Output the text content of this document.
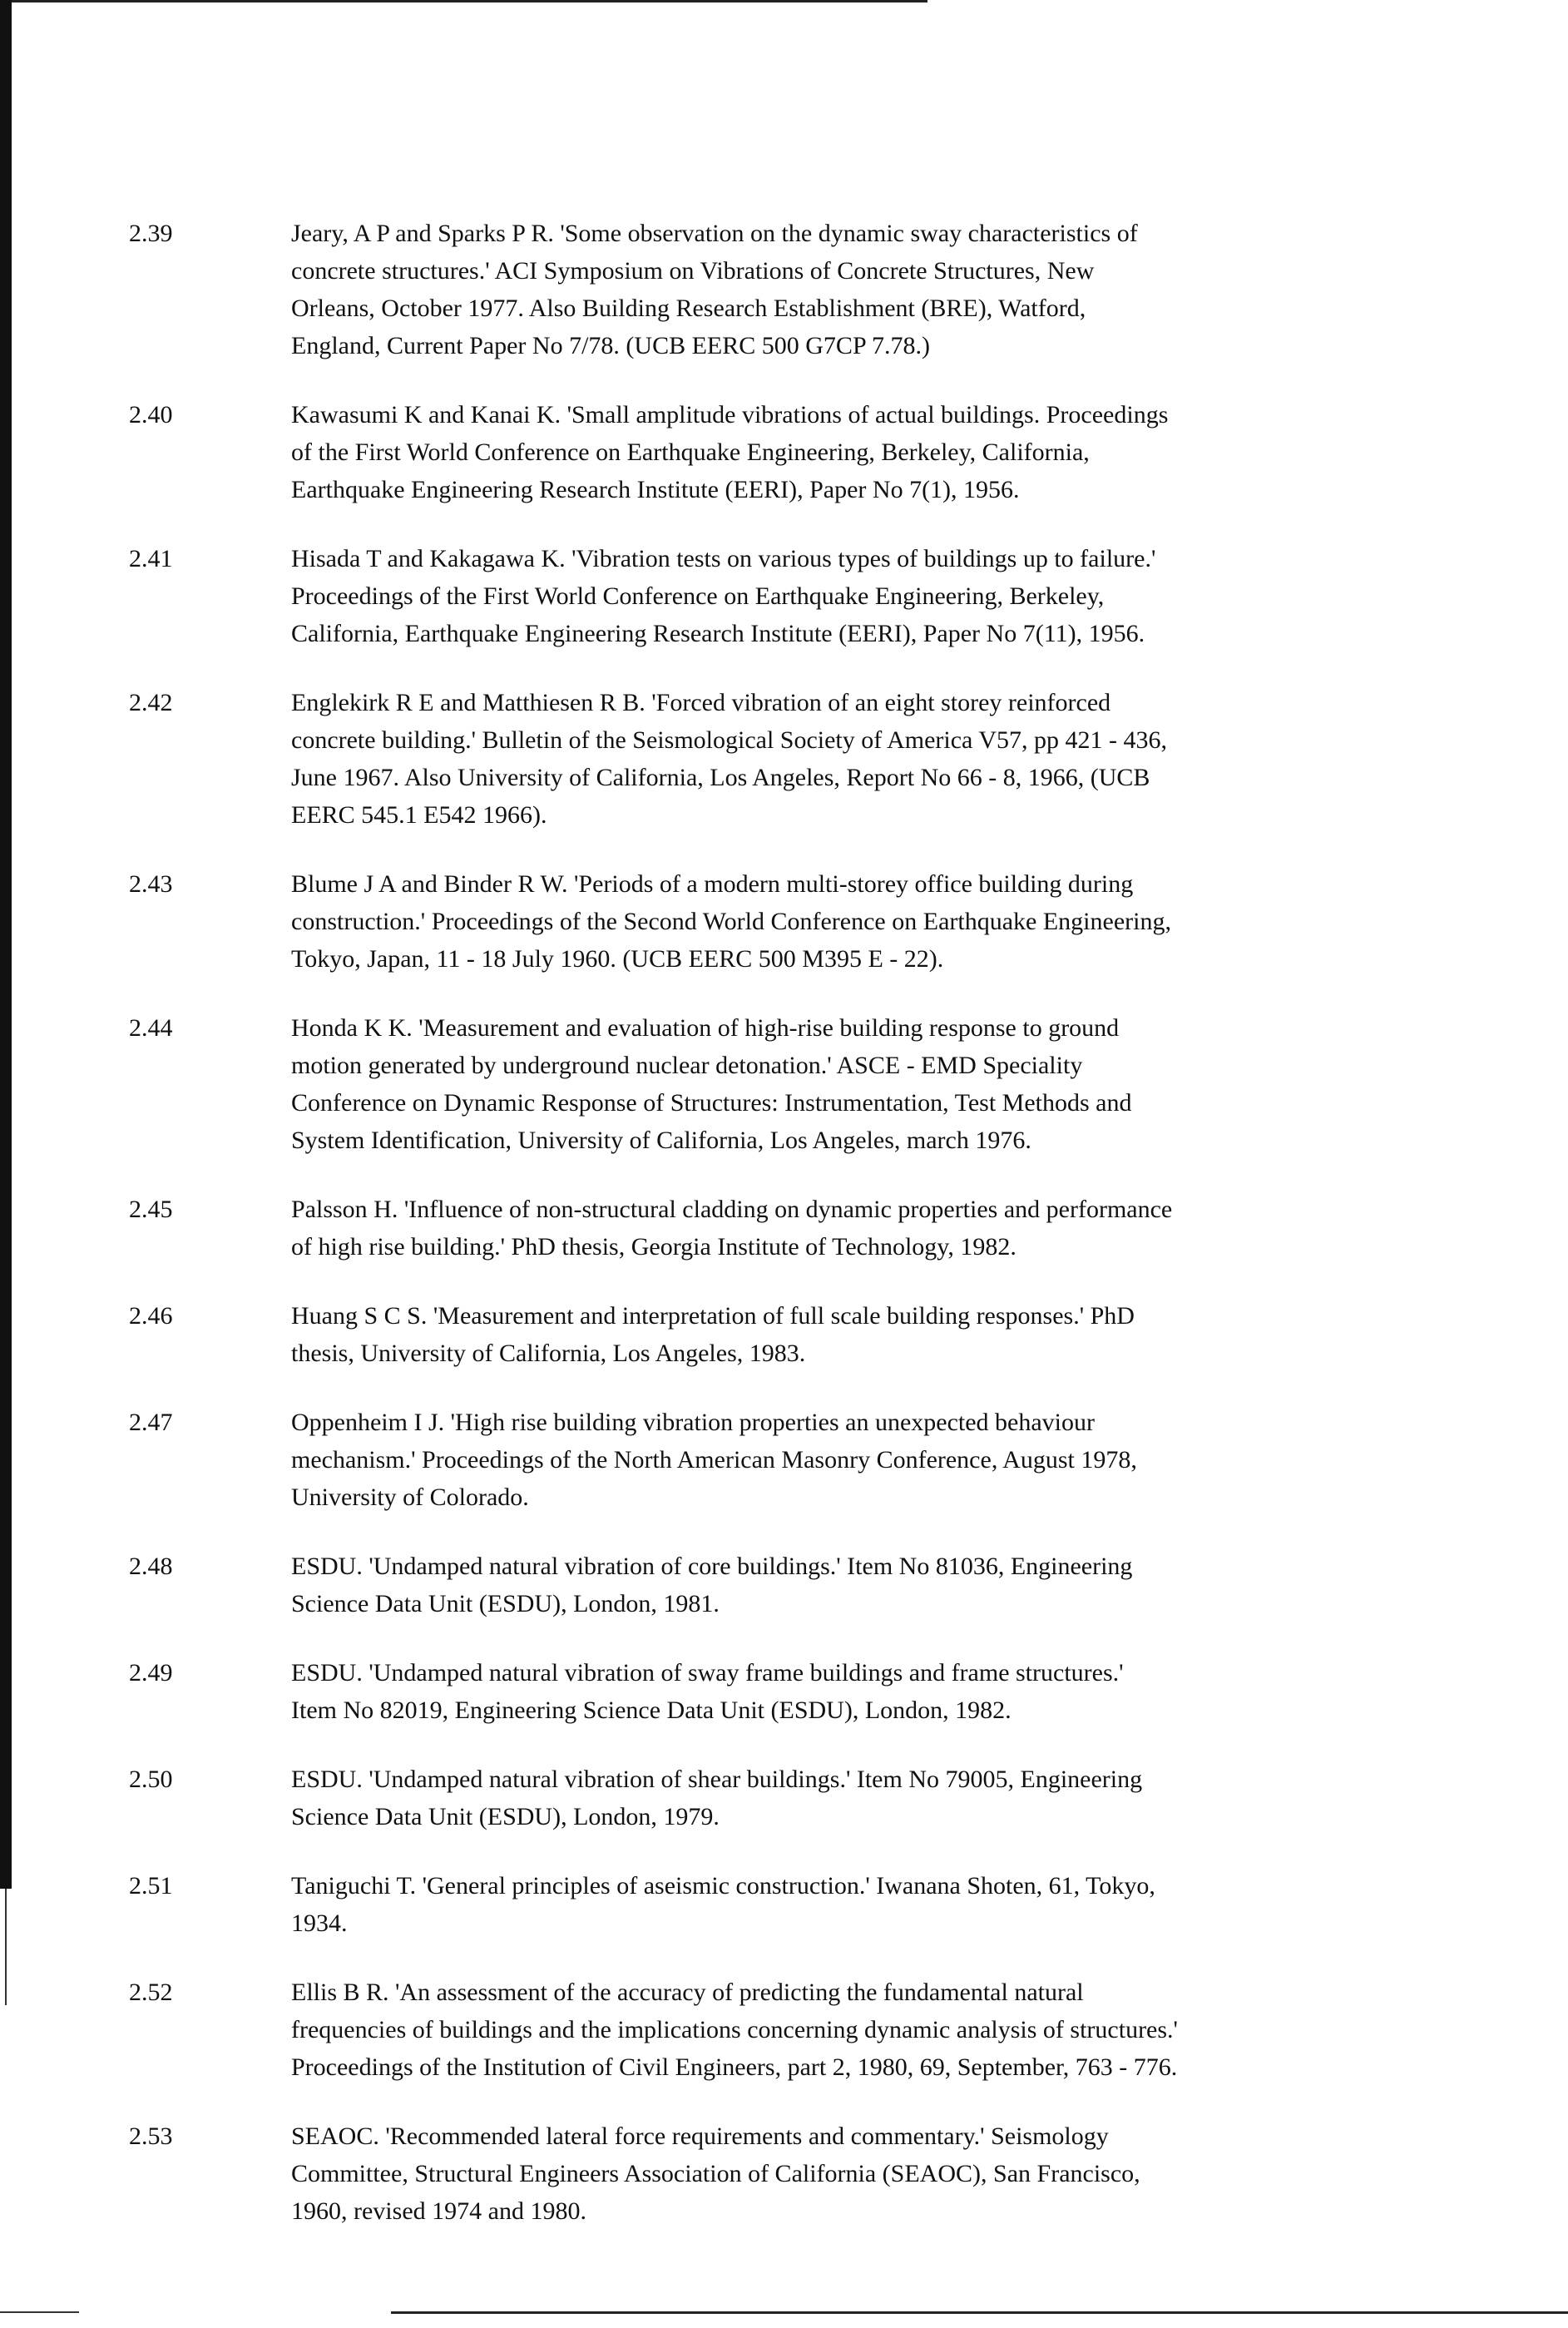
2.39	Jeary, A P and Sparks P R. 'Some observation on the dynamic sway characteristics of
concrete structures.' ACI Symposium on Vibrations of Concrete Structures, New
Orleans, October 1977. Also Building Research Establishment (BRE), Watford,
England, Current Paper No 7/78. (UCB EERC 500 G7CP 7.78.)
2.40	Kawasumi K and Kanai K. 'Small amplitude vibrations of actual buildings. Proceedings
of the First World Conference on Earthquake Engineering, Berkeley, California,
Earthquake Engineering Research Institute (EERI), Paper No 7(1), 1956.
2.41	Hisada T and Kakagawa K. 'Vibration tests on various types of buildings up to failure.'
Proceedings of the First World Conference on Earthquake Engineering, Berkeley,
California, Earthquake Engineering Research Institute (EERI), Paper No 7(11), 1956.
2.42	Englekirk R E and Matthiesen R B. 'Forced vibration of an eight storey reinforced
concrete building.' Bulletin of the Seismological Society of America V57, pp 421 - 436,
June 1967. Also University of California, Los Angeles, Report No 66 - 8, 1966, (UCB
EERC 545.1 E542 1966).
2.43	Blume J A and Binder R W. 'Periods of a modern multi-storey office building during
construction.' Proceedings of the Second World Conference on Earthquake Engineering,
Tokyo, Japan, 11 - 18 July 1960. (UCB EERC 500 M395 E - 22).
2.44	Honda K K. 'Measurement and evaluation of high-rise building response to ground
motion generated by underground nuclear detonation.' ASCE - EMD Speciality
Conference on Dynamic Response of Structures: Instrumentation, Test Methods and
System Identification, University of California, Los Angeles, march 1976.
2.45	Palsson H. 'Influence of non-structural cladding on dynamic properties and performance
of high rise building.' PhD thesis, Georgia Institute of Technology, 1982.
2.46	Huang S C S. 'Measurement and interpretation of full scale building responses.' PhD
thesis, University of California, Los Angeles, 1983.
2.47	Oppenheim I J. 'High rise building vibration properties an unexpected behaviour
mechanism.' Proceedings of the North American Masonry Conference, August 1978,
University of Colorado.
2.48	ESDU. 'Undamped natural vibration of core buildings.' Item No 81036, Engineering
Science Data Unit (ESDU), London, 1981.
2.49	ESDU. 'Undamped natural vibration of sway frame buildings and frame structures.'
Item No 82019, Engineering Science Data Unit (ESDU), London, 1982.
2.50	ESDU. 'Undamped natural vibration of shear buildings.' Item No 79005, Engineering
Science Data Unit (ESDU), London, 1979.
2.51	Taniguchi T. 'General principles of aseismic construction.' Iwanana Shoten, 61, Tokyo,
1934.
2.52	Ellis B R. 'An assessment of the accuracy of predicting the fundamental natural
frequencies of buildings and the implications concerning dynamic analysis of structures.'
Proceedings of the Institution of Civil Engineers, part 2, 1980, 69, September, 763 - 776.
2.53	SEAOC. 'Recommended lateral force requirements and commentary.' Seismology
Committee, Structural Engineers Association of California (SEAOC), San Francisco,
1960, revised 1974 and 1980.
